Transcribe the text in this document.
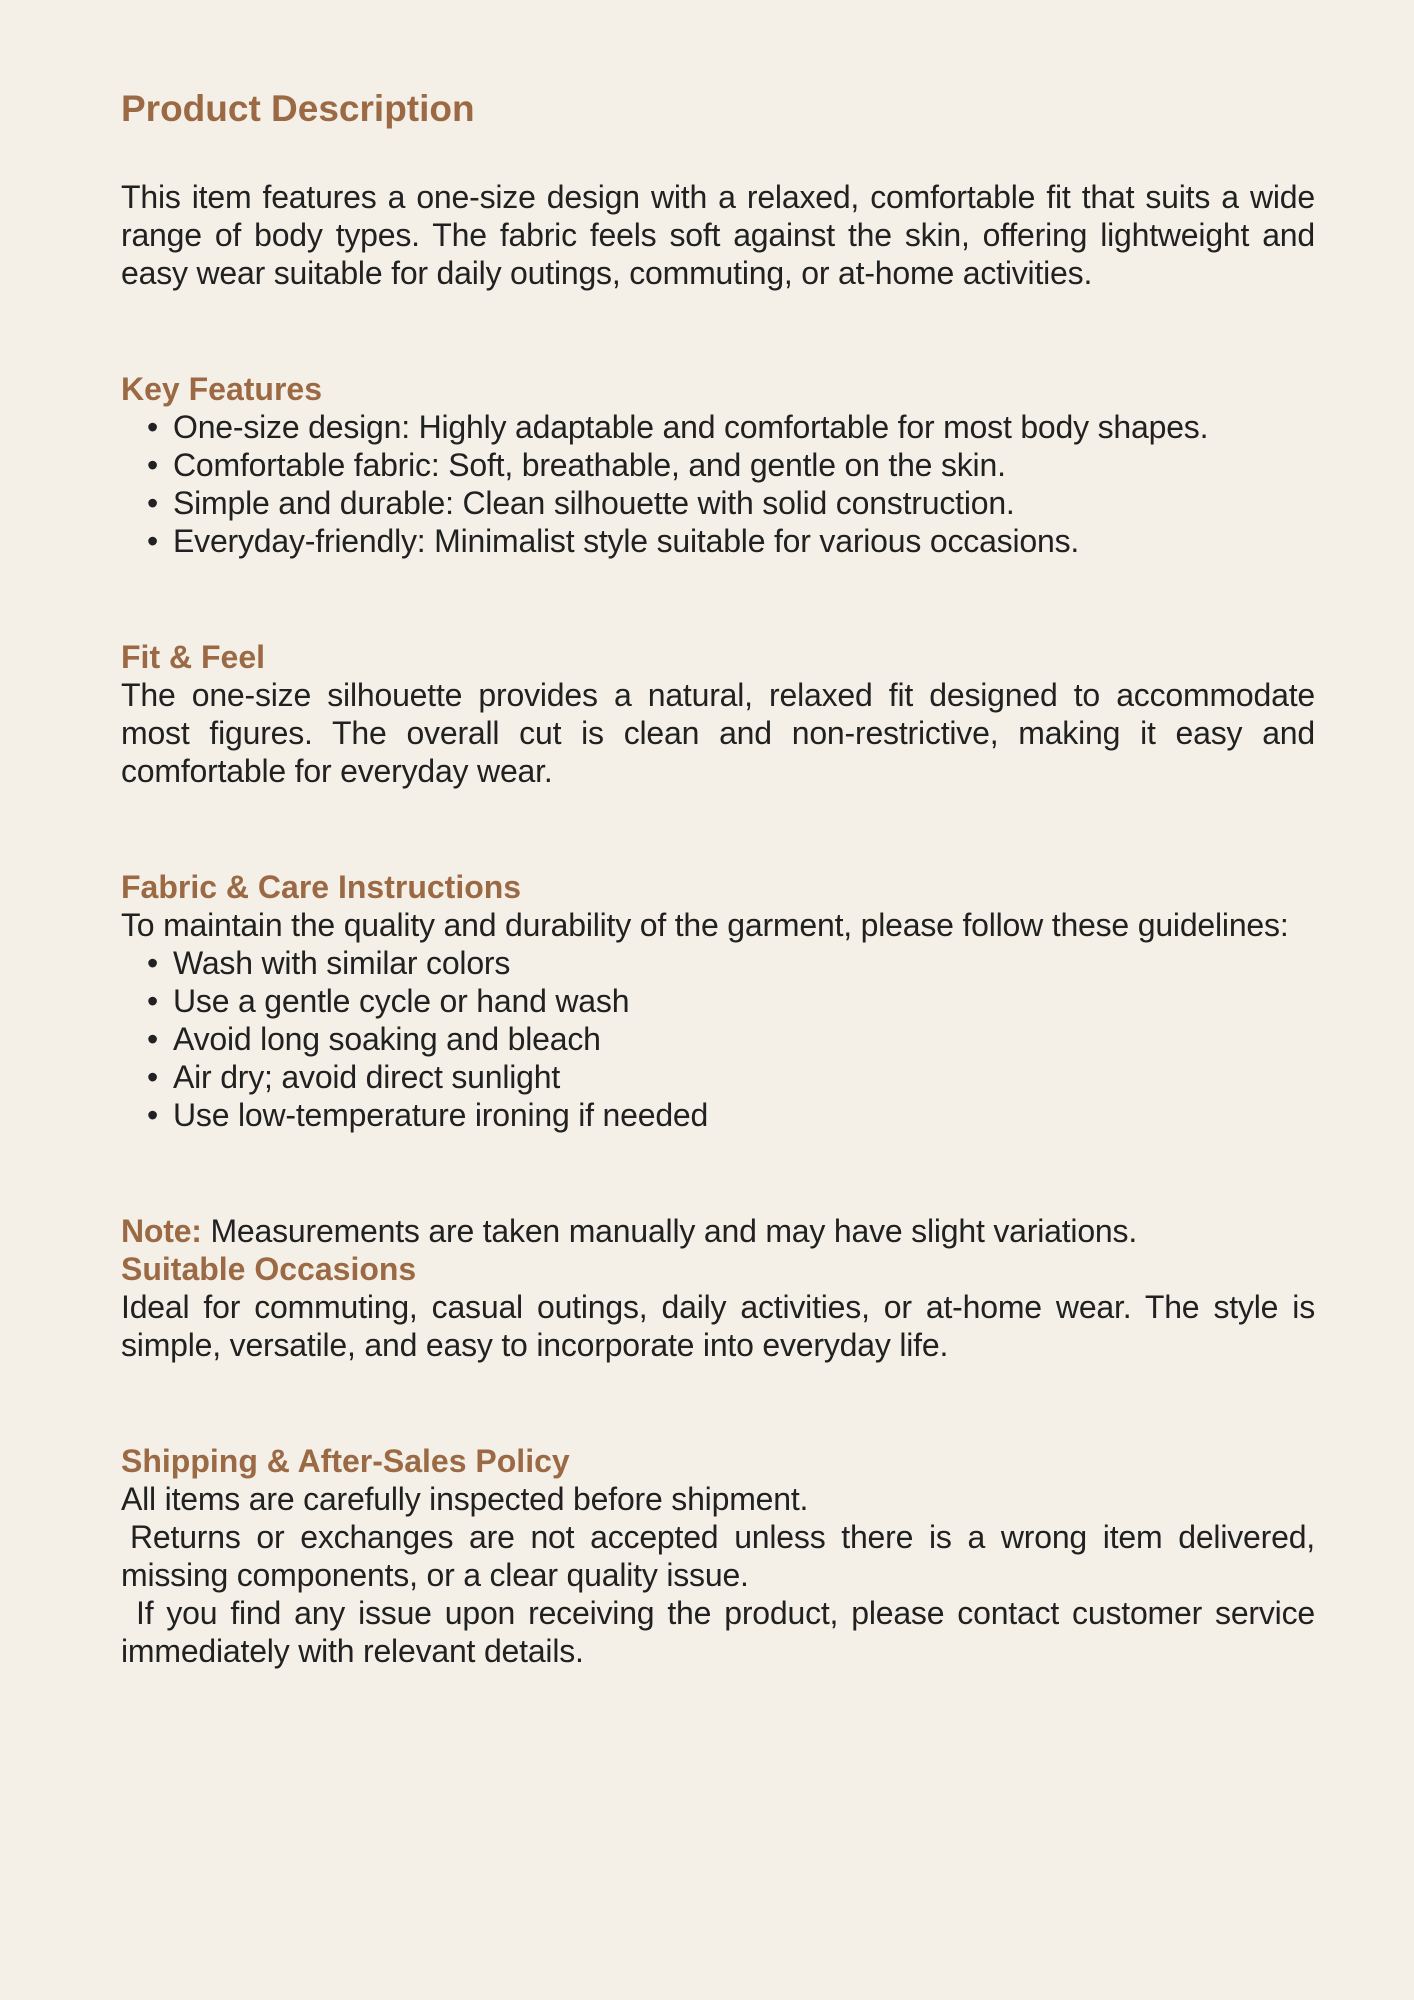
Product Description

This item features a one-size design with a relaxed, comfortable fit that suits a wide range of body types. The fabric feels soft against the skin, offering lightweight and easy wear suitable for daily outings, commuting, or at-home activities.

Key Features
• One-size design: Highly adaptable and comfortable for most body shapes.
• Comfortable fabric: Soft, breathable, and gentle on the skin.
• Simple and durable: Clean silhouette with solid construction.
• Everyday-friendly: Minimalist style suitable for various occasions.
Fit & Feel

The one-size silhouette provides a natural, relaxed fit designed to accommodate most figures. The overall cut is clean and non-restrictive, making it easy and comfortable for everyday wear.

Fabric & Care Instructions

To maintain the quality and durability of the garment, please follow these guidelines:

• Wash with similar colors
• Use a gentle cycle or hand wash
• Avoid long soaking and bleach
• Air dry; avoid direct sunlight
• Use low-temperature ironing if needed

Note: Measurements are taken manually and may have slight variations.

Suitable Occasions

Ideal for commuting, casual outings, daily activities, or at-home wear. The style is simple, versatile, and easy to incorporate into everyday life.

Shipping & After-Sales Policy

All items are carefully inspected before shipment.

Returns or exchanges are not accepted unless there is a wrong item delivered, missing components, or a clear quality issue.

If you find any issue upon receiving the product, please contact customer service immediately with relevant details.
